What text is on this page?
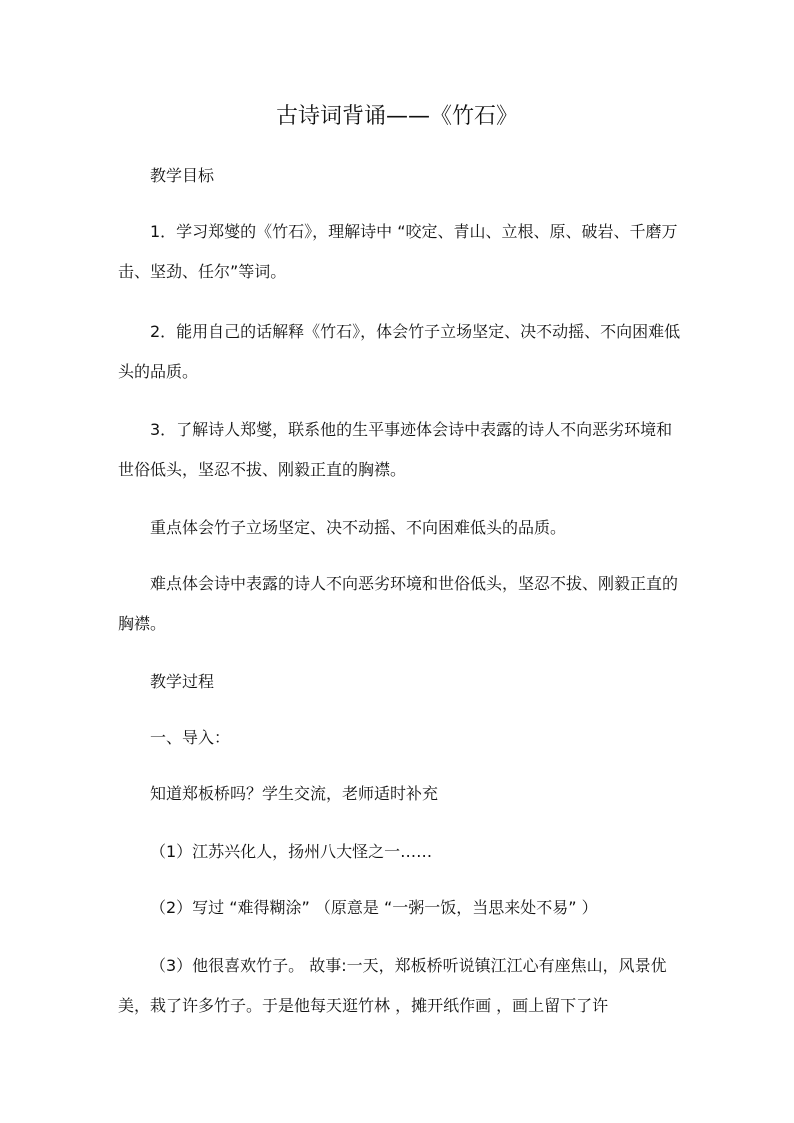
古诗词背诵——《竹石》

教学目标

1．学习郑燮的《竹石》，理解诗中 “咬定、青山、立根、原、破岩、千磨万击、坚劲、任尔”等词。

2．能用自己的话解释《竹石》，体会竹子立场坚定、决不动摇、不向困难低头的品质。

3．了解诗人郑燮，联系他的生平事迹体会诗中表露的诗人不向恶劣环境和世俗低头，坚忍不拔、刚毅正直的胸襟。

重点体会竹子立场坚定、决不动摇、不向困难低头的品质。

难点体会诗中表露的诗人不向恶劣环境和世俗低头，坚忍不拔、刚毅正直的胸襟。

教学过程

一、导入：

知道郑板桥吗？学生交流，老师适时补充

（1）江苏兴化人，扬州八大怪之一……

（2）写过 “难得糊涂” （原意是 “一粥一饭，当思来处不易” ）

（3）他很喜欢竹子。 故事:一天，郑板桥听说镇江江心有座焦山，风景优美，栽了许多竹子。于是他每天逛竹林 ，摊开纸作画 ，画上留下了许
